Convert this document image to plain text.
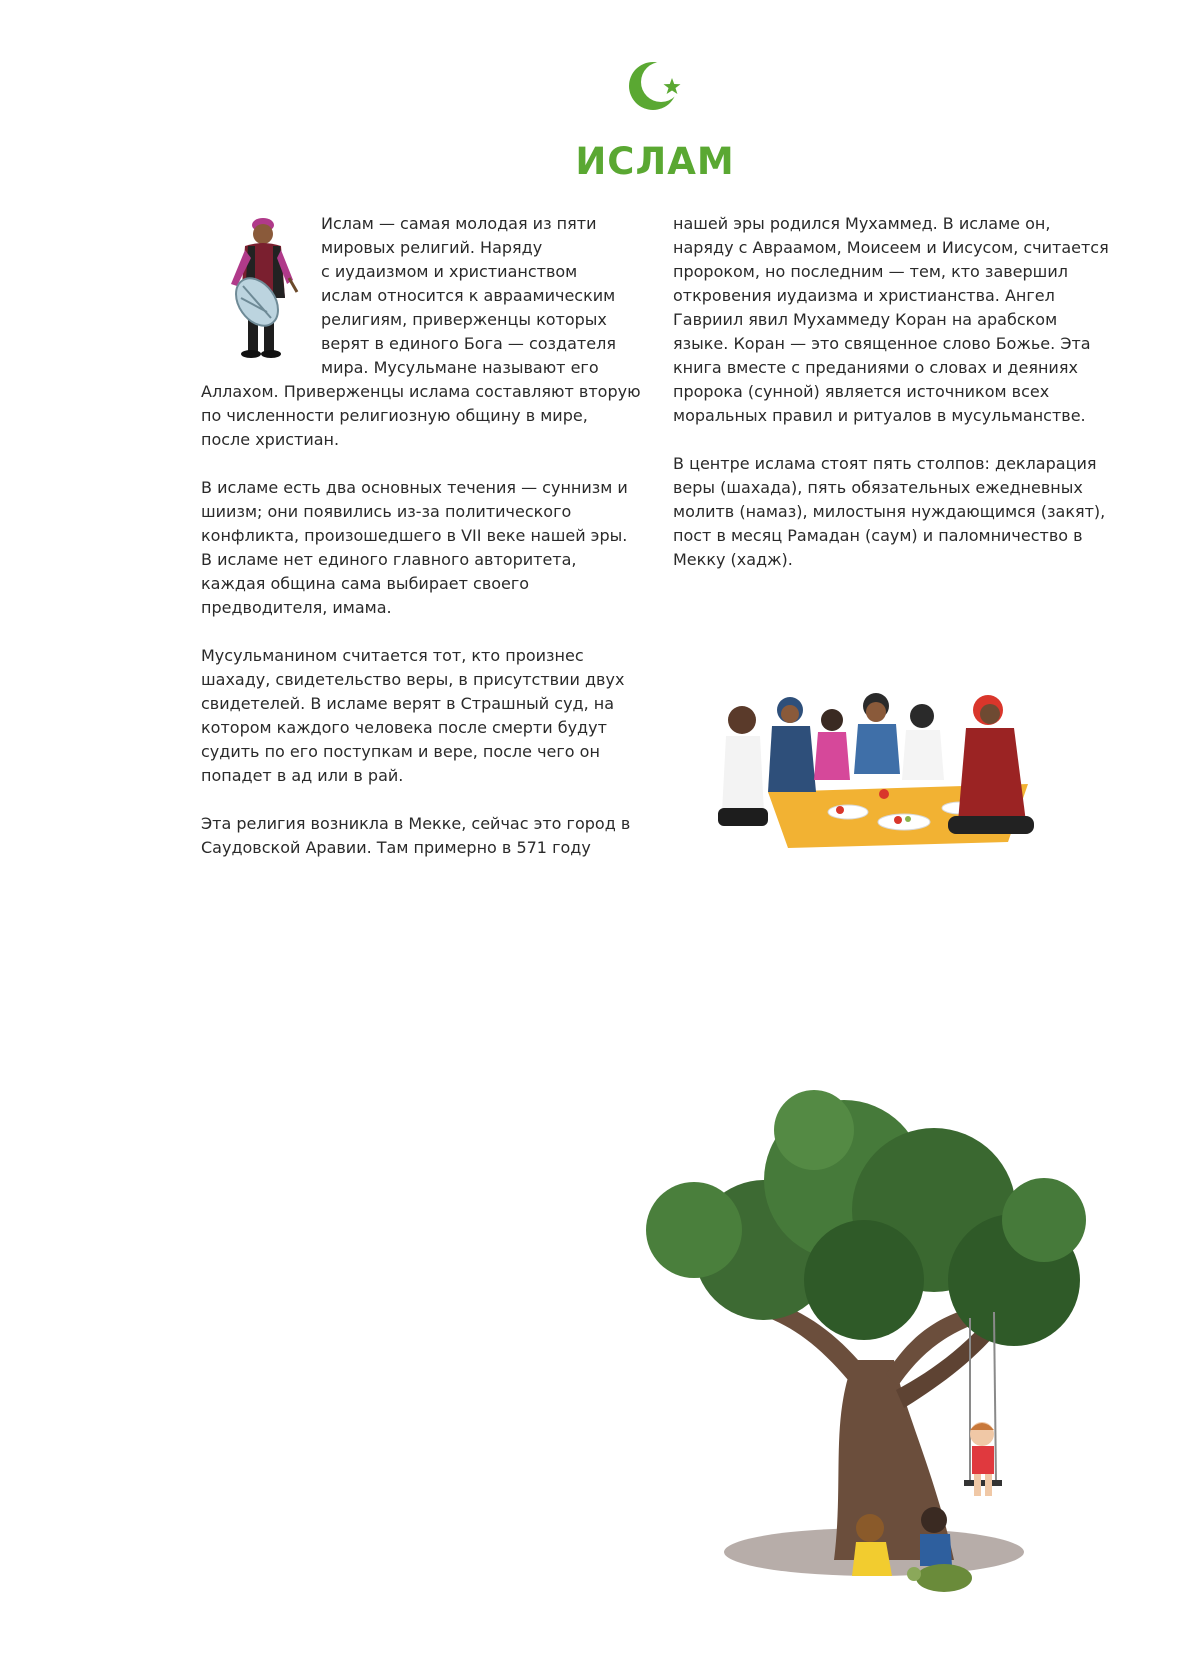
ИСЛАМ

Ислам — самая молодая из пяти
мировых религий. Наряду
с иудаизмом и христианством
ислам относится к авраамическим
религиям, приверженцы которых
верят в единого Бога — создателя
мира. Мусульмане называют его Аллахом. Приверженцы ислама составляют вторую по численности религиозную общину в мире, после христиан.

В исламе есть два основных течения — суннизм и шиизм; они появились из-за политического конфликта, произошедшего в VII веке нашей эры. В исламе нет единого главного авторитета, каждая община сама выбирает своего предводителя, имама.

Мусульманином считается тот, кто произнес шахаду, свидетельство веры, в присутствии двух свидетелей. В исламе верят в Страшный суд, на котором каждого человека после смерти будут судить по его поступкам и вере, после чего он попадет в ад или в рай.

Эта религия возникла в Мекке, сейчас это город в Саудовской Аравии. Там примерно в 571 году

нашей эры родился Мухаммед. В исламе он, наряду с Авраамом, Моисеем и Иисусом, считается пророком, но последним — тем, кто завершил откровения иудаизма и христианства. Ангел Гавриил явил Мухаммеду Коран на арабском языке. Коран — это священное слово Божье. Эта книга вместе с преданиями о словах и деяниях пророка (сунной) является источником всех моральных правил и ритуалов в мусульманстве.

В центре ислама стоят пять столпов: декларация веры (шахада), пять обязательных ежедневных молитв (намаз), милостыня нуждающимся (закят), пост в месяц Рамадан (саум) и паломничество в Мекку (хадж).
